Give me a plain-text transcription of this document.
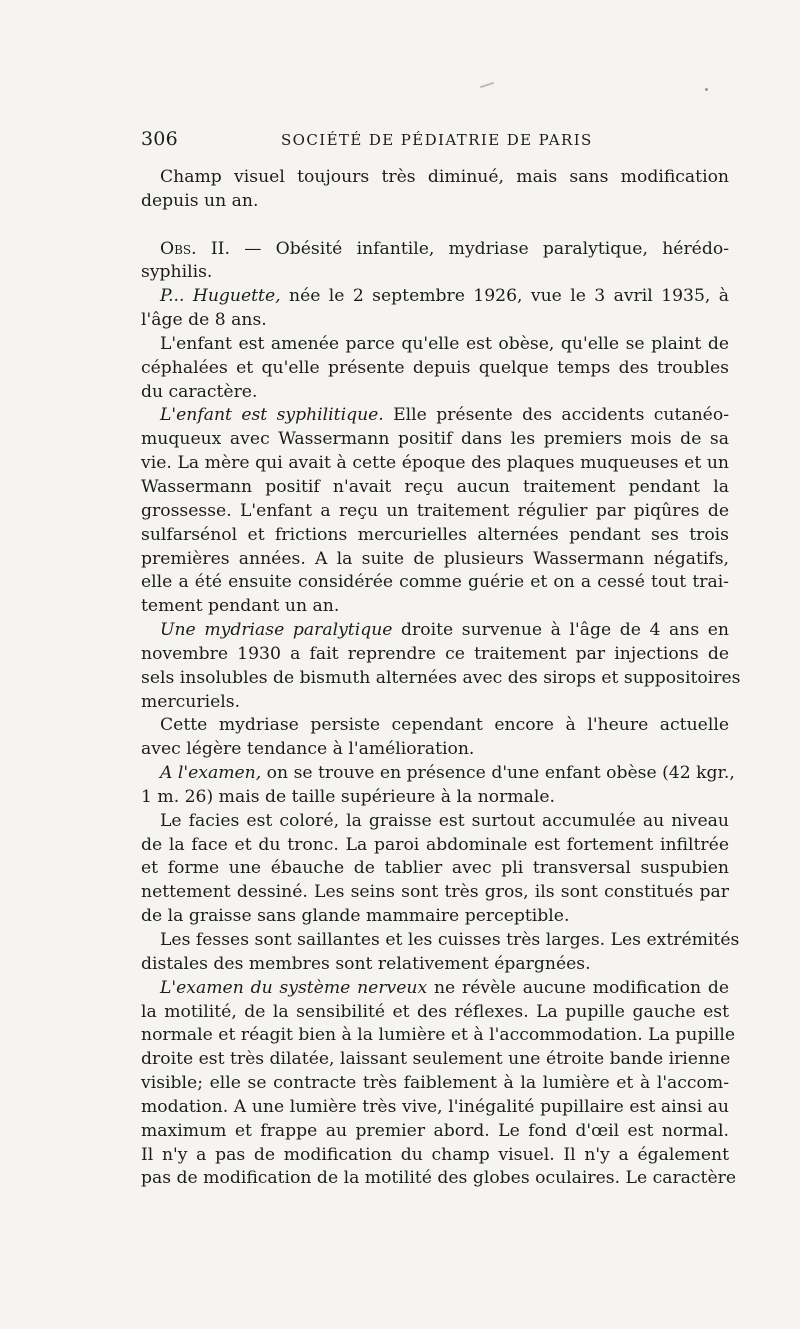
306	SOCIÉTÉ DE PÉDIATRIE DE PARIS
Champ visuel toujours très diminué, mais sans modification
depuis un an.
Obs. II. — Obésité infantile, mydriase paralytique, hérédo-
syphilis.
P... Huguette, née le 2 septembre 1926, vue le 3 avril 1935, à
l'âge de 8 ans.
L'enfant est amenée parce qu'elle est obèse, qu'elle se plaint de
céphalées et qu'elle présente depuis quelque temps des troubles
du caractère.
L'enfant est syphilitique. Elle présente des accidents cutanéo-
muqueux avec Wassermann positif dans les premiers mois de sa
vie. La mère qui avait à cette époque des plaques muqueuses et un
Wassermann positif n'avait reçu aucun traitement pendant la
grossesse. L'enfant a reçu un traitement régulier par piqûres de
sulfarsénol et frictions mercurielles alternées pendant ses trois
premières années. A la suite de plusieurs Wassermann négatifs,
elle a été ensuite considérée comme guérie et on a cessé tout trai-
tement pendant un an.
Une mydriase paralytique droite survenue à l'âge de 4 ans en
novembre 1930 a fait reprendre ce traitement par injections de
sels insolubles de bismuth alternées avec des sirops et suppositoires
mercuriels.
Cette mydriase persiste cependant encore à l'heure actuelle
avec légère tendance à l'amélioration.
A l'examen, on se trouve en présence d'une enfant obèse (42 kgr.,
1 m. 26) mais de taille supérieure à la normale.
Le facies est coloré, la graisse est surtout accumulée au niveau
de la face et du tronc. La paroi abdominale est fortement infiltrée
et forme une ébauche de tablier avec pli transversal suspubien
nettement dessiné. Les seins sont très gros, ils sont constitués par
de la graisse sans glande mammaire perceptible.
Les fesses sont saillantes et les cuisses très larges. Les extrémités
distales des membres sont relativement épargnées.
L'examen du système nerveux ne révèle aucune modification de
la motilité, de la sensibilité et des réflexes. La pupille gauche est
normale et réagit bien à la lumière et à l'accommodation. La pupille
droite est très dilatée, laissant seulement une étroite bande irienne
visible; elle se contracte très faiblement à la lumière et à l'accom-
modation. A une lumière très vive, l'inégalité pupillaire est ainsi au
maximum et frappe au premier abord. Le fond d'œil est normal.
Il n'y a pas de modification du champ visuel. Il n'y a également
pas de modification de la motilité des globes oculaires. Le caractère
